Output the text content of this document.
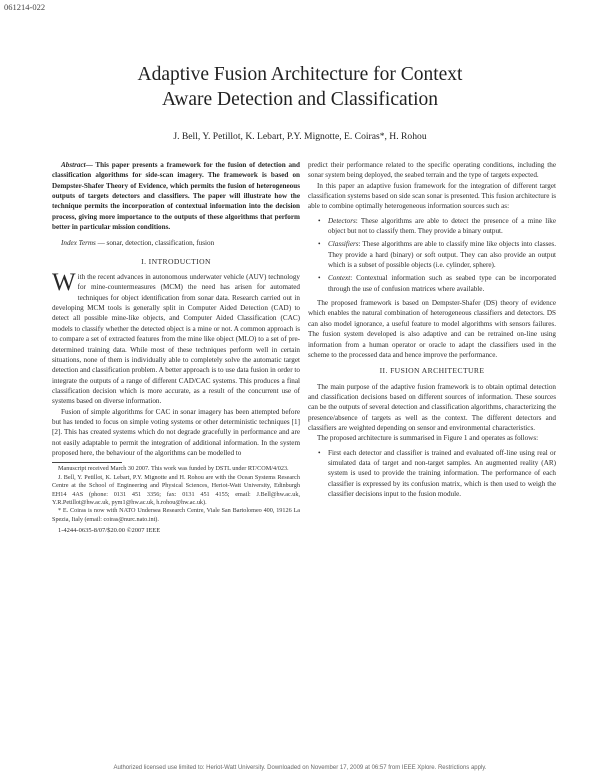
061214-022
Adaptive Fusion Architecture for Context
Aware Detection and Classification
J. Bell, Y. Petillot, K. Lebart, P.Y. Mignotte, E. Coiras*, H. Rohou

Abstract— This paper presents a framework for the fusion of detection and classification algorithms for side-scan imagery. The framework is based on Dempster-Shafer Theory of Evidence, which permits the fusion of heterogeneous outputs of targets detectors and classifiers. The paper will illustrate how the technique permits the incorporation of contextual information into the decision process, giving more importance to the outputs of these algorithms that perform better in particular mission conditions.

Index Terms — sonar, detection, classification, fusion

I. INTRODUCTION

With the recent advances in autonomous underwater vehicle (AUV) technology for mine-countermeasures (MCM) the need has arisen for automated techniques for object identification from sonar data. Research carried out in developing MCM tools is generally split in Computer Aided Detection (CAD) to detect all possible mine-like objects, and Computer Aided Classification (CAC) models to classify whether the detected object is a mine or not. A common approach is to compare a set of extracted features from the mine like object (MLO) to a set of pre-determined training data. While most of these techniques perform well in certain situations, none of them is individually able to completely solve the automatic target detection and classification problem. A better approach is to use data fusion in order to integrate the outputs of a range of different CAD/CAC systems. This produces a final classification decision which is more accurate, as a result of the concurrent use of systems based on diverse information.

Fusion of simple algorithms for CAC in sonar imagery has been attempted before but has tended to focus on simple voting systems or other deterministic techniques [1][2]. This has created systems which do not degrade gracefully in performance and are not easily adaptable to permit the integration of additional information. In the system proposed here, the behaviour of the algorithms can be modelled to

Manuscript received March 30 2007. This work was funded by DSTL under RT/COM/4/023.

J. Bell, Y. Petillot, K. Lebart, P.Y. Mignotte and H. Rohou are with the Ocean Systems Research Centre at the School of Engineering and Physical Sciences, Heriot-Watt University, Edinburgh EH14 4AS (phone: 0131 451 3356; fax: 0131 451 4155; email: J.Bell@hw.ac.uk, Y.R.Petillot@hw.ac.uk, pym1@hw.ac.uk, h.rohou@hw.ac.uk).

* E. Coiras is now with NATO Undersea Research Centre, Viale San Bartolomeo 400, 19126 La Spezia, Italy (email: coiras@nurc.nato.int).

1-4244-0635-8/07/$20.00 ©2007 IEEE

predict their performance related to the specific operating conditions, including the sonar system being deployed, the seabed terrain and the type of targets expected.

In this paper an adaptive fusion framework for the integration of different target classification systems based on side scan sonar is presented. This fusion architecture is able to combine optimally heterogeneous information sources such as:

• Detectors: These algorithms are able to detect the presence of a mine like object but not to classify them. They provide a binary output.
• Classifiers: These algorithms are able to classify mine like objects into classes. They provide a hard (binary) or soft output. They can also provide an output which is a subset of possible objects (i.e. cylinder, sphere).
• Context: Contextual information such as seabed type can be incorporated through the use of confusion matrices where available.

The proposed framework is based on Dempster-Shafer (DS) theory of evidence which enables the natural combination of heterogeneous classifiers and detectors. DS can also model ignorance, a useful feature to model algorithms with sensors failures. The fusion system developed is also adaptive and can be retrained on-line using information from a human operator or oracle to adapt the classifiers used in the scheme to the processed data and hence improve the performance.

II. FUSION ARCHITECTURE

The main purpose of the adaptive fusion framework is to obtain optimal detection and classification decisions based on different sources of information. These sources can be the outputs of several detection and classification algorithms, characterizing the presence/absence of targets as well as the context. The different detectors and classifiers are weighted depending on sensor and environmental characteristics.

The proposed architecture is summarised in Figure 1 and operates as follows:

• First each detector and classifier is trained and evaluated off-line using real or simulated data of target and non-target samples. An augmented reality (AR) system is used to provide the training information. The performance of each classifier is expressed by its confusion matrix, which is then used to weigh the classifier decisions input to the fusion module.
Authorized licensed use limited to: Heriot-Watt University. Downloaded on November 17, 2009 at 06:57 from IEEE Xplore. Restrictions apply.
